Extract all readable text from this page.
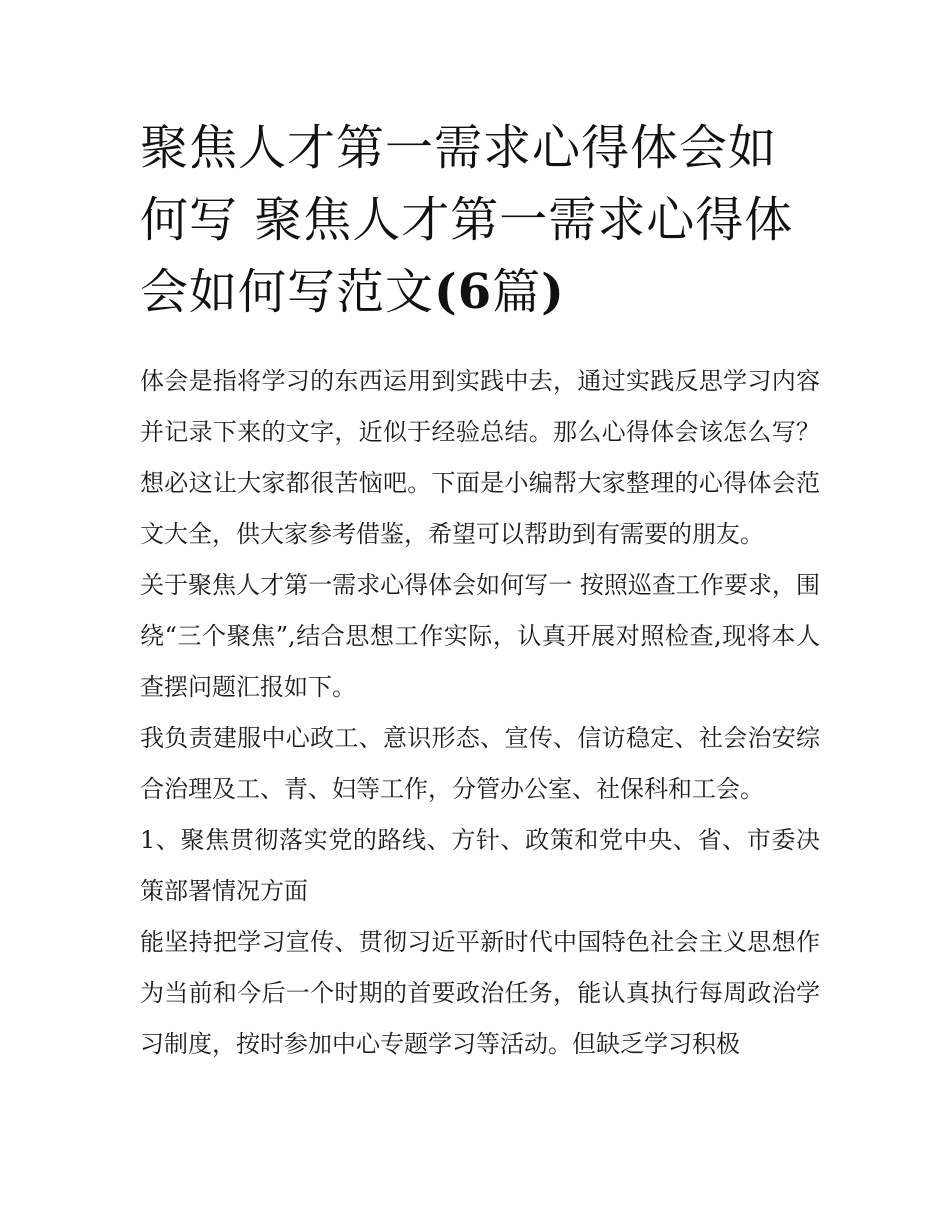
聚焦人才第一需求心得体会如何写 聚焦人才第一需求心得体会如何写范文(6篇)

体会是指将学习的东西运用到实践中去，通过实践反思学习内容并记录下来的文字，近似于经验总结。那么心得体会该怎么写？想必这让大家都很苦恼吧。下面是小编帮大家整理的心得体会范文大全，供大家参考借鉴，希望可以帮助到有需要的朋友。

关于聚焦人才第一需求心得体会如何写一 按照巡查工作要求，围绕“三个聚焦”,结合思想工作实际，认真开展对照检查,现将本人查摆问题汇报如下。

我负责建服中心政工、意识形态、宣传、信访稳定、社会治安综合治理及工、青、妇等工作，分管办公室、社保科和工会。

1、聚焦贯彻落实党的路线、方针、政策和党中央、省、市委决策部署情况方面

能坚持把学习宣传、贯彻习近平新时代中国特色社会主义思想作为当前和今后一个时期的首要政治任务，能认真执行每周政治学习制度，按时参加中心专题学习等活动。但缺乏学习积极
